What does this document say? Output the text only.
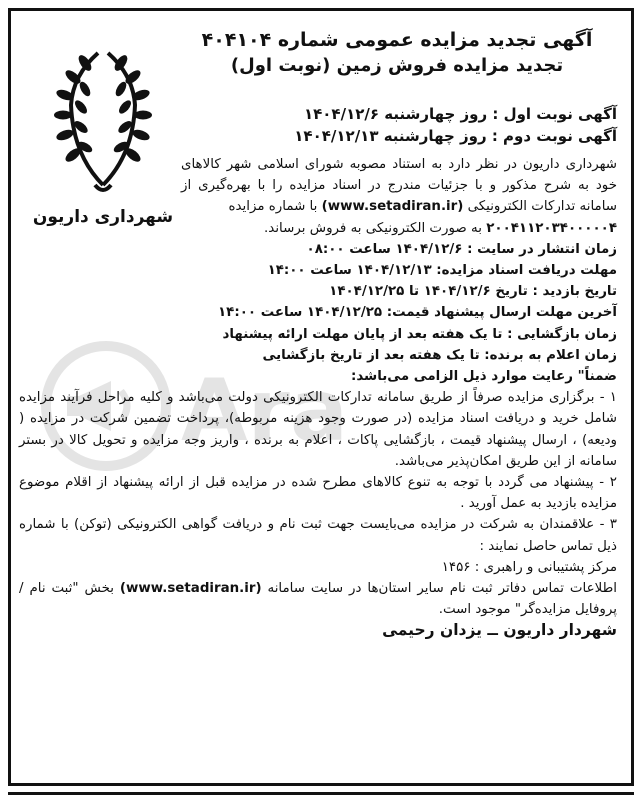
Ara
شهرداری داریون
آگهی تجدید مزایده عمومی شماره ۴۰۴۱۰۴
تجدید مزایده فروش زمین (نوبت اول)
آگهی نوبت اول : روز چهارشنبه ۱۴۰۴/۱۲/۶
آگهی نوبت دوم : روز چهارشنبه ۱۴۰۴/۱۲/۱۳

شهرداری داریون در نظر دارد به استناد مصوبه شورای اسلامی شهر کالاهای خود به شرح مذکور و با جزئیات مندرج در اسناد مزایده را با بهره‌گیری از سامانه تدارکات الکترونیکی (www.setadiran.ir) با شماره مزایده

۲۰۰۴۱۱۲۰۳۴۰۰۰۰۰۴ به صورت الکترونیکی به فروش برساند.

زمان انتشار در سایت : ۱۴۰۴/۱۲/۶ ساعت ۰۸:۰۰

مهلت دریافت اسناد مزایده: ۱۴۰۴/۱۲/۱۳ ساعت ۱۴:۰۰

تاریخ بازدید : تاریخ ۱۴۰۴/۱۲/۶ تا ۱۴۰۴/۱۲/۲۵

آخرین مهلت ارسال پیشنهاد قیمت: ۱۴۰۴/۱۲/۲۵ ساعت ۱۴:۰۰

زمان بازگشایی : تا یک هفته بعد از پایان مهلت ارائه پیشنهاد

زمان اعلام به برنده: تا یک هفته بعد از تاریخ بازگشایی

ضمناً" رعایت موارد ذیل الزامی می‌باشد:

۱ - برگزاری مزایده صرفاً از طریق سامانه تدارکات الکترونیکی دولت می‌باشد و کلیه مراحل فرآیند مزایده شامل خرید و دریافت اسناد مزایده (در صورت وجود هزینه مربوطه)، پرداخت تضمین شرکت در مزایده ( ودیعه) ، ارسال پیشنهاد قیمت ، بازگشایی پاکات ، اعلام به برنده ، واریز وجه مزایده و تحویل کالا در بستر سامانه از این طریق امکان‌پذیر می‌باشد.

۲ - پیشنهاد می گردد با توجه به تنوع کالاهای مطرح شده در مزایده قبل از ارائه پیشنهاد از اقلام موضوع مزایده بازدید به عمل آورید .

۳ - علاقمندان به شرکت در مزایده می‌بایست جهت ثبت نام و دریافت گواهی الکترونیکی (توکن) با شماره ذیل تماس حاصل نمایند :

مرکز پشتیبانی و راهبری : ۱۴۵۶

اطلاعات تماس دفاتر ثبت نام سایر استان‌ها در سایت سامانه (www.setadiran.ir) بخش "ثبت نام /پروفایل مزایده‌گر" موجود است.

شهردار داریون ــ یزدان رحیمی
